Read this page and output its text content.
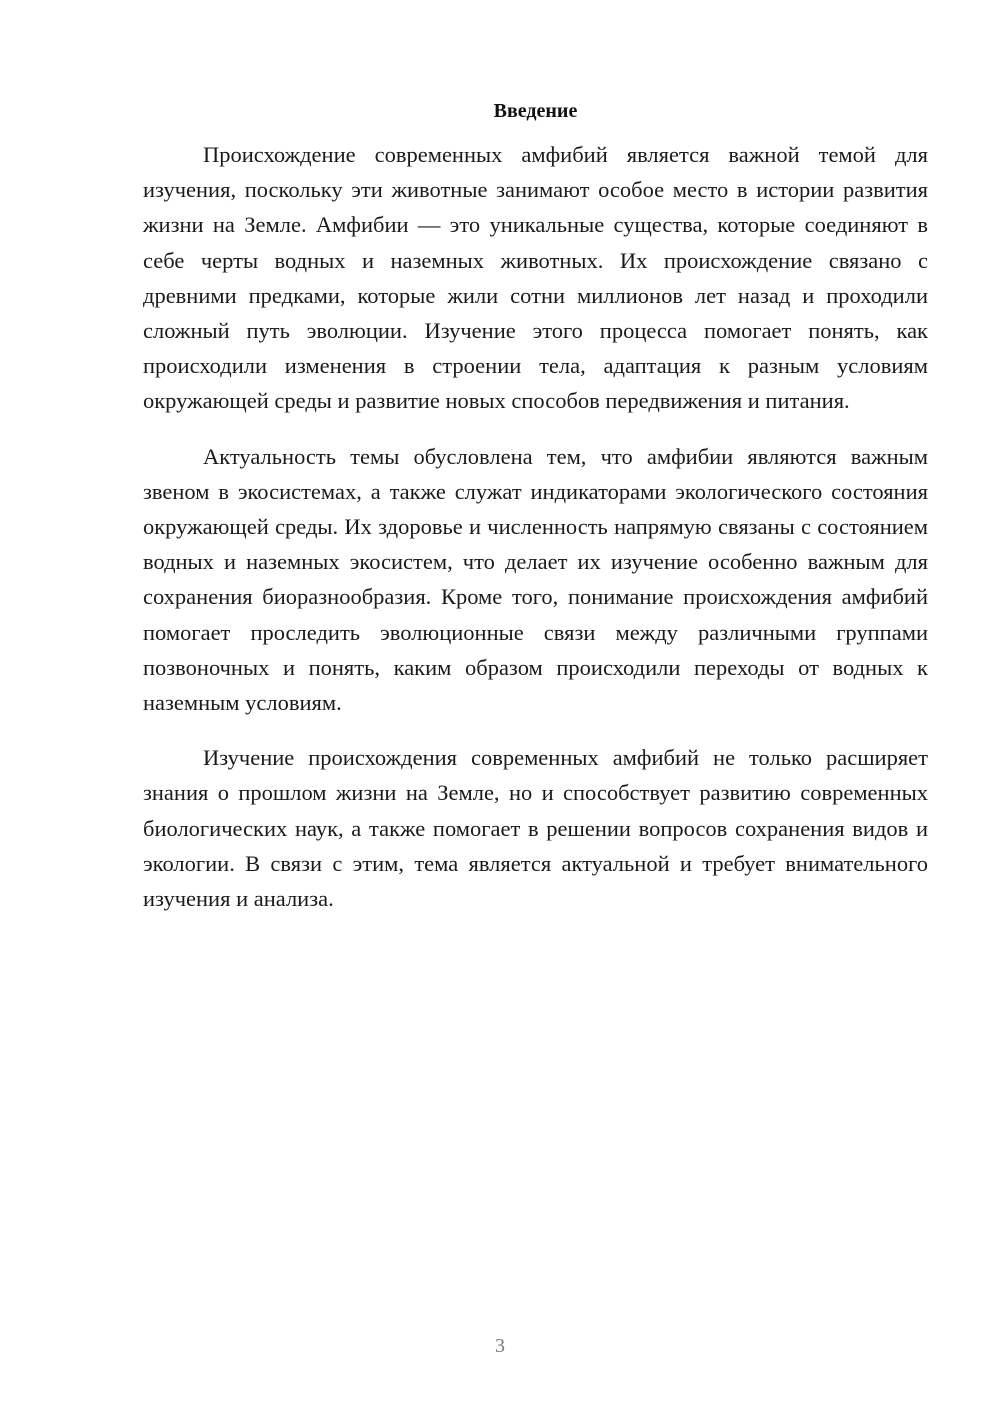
Введение

Происхождение современных амфибий является важной темой для изучения, поскольку эти животные занимают особое место в истории развития жизни на Земле. Амфибии — это уникальные существа, которые соединяют в себе черты водных и наземных животных. Их происхождение связано с древними предками, которые жили сотни миллионов лет назад и проходили сложный путь эволюции. Изучение этого процесса помогает понять, как происходили изменения в строении тела, адаптация к разным условиям окружающей среды и развитие новых способов передвижения и питания.

Актуальность темы обусловлена тем, что амфибии являются важным звеном в экосистемах, а также служат индикаторами экологического состояния окружающей среды. Их здоровье и численность напрямую связаны с состоянием водных и наземных экосистем, что делает их изучение особенно важным для сохранения биоразнообразия. Кроме того, понимание происхождения амфибий помогает проследить эволюционные связи между различными группами позвоночных и понять, каким образом происходили переходы от водных к наземным условиям.

Изучение происхождения современных амфибий не только расширяет знания о прошлом жизни на Земле, но и способствует развитию современных биологических наук, а также помогает в решении вопросов сохранения видов и экологии. В связи с этим, тема является актуальной и требует внимательного изучения и анализа.

3
